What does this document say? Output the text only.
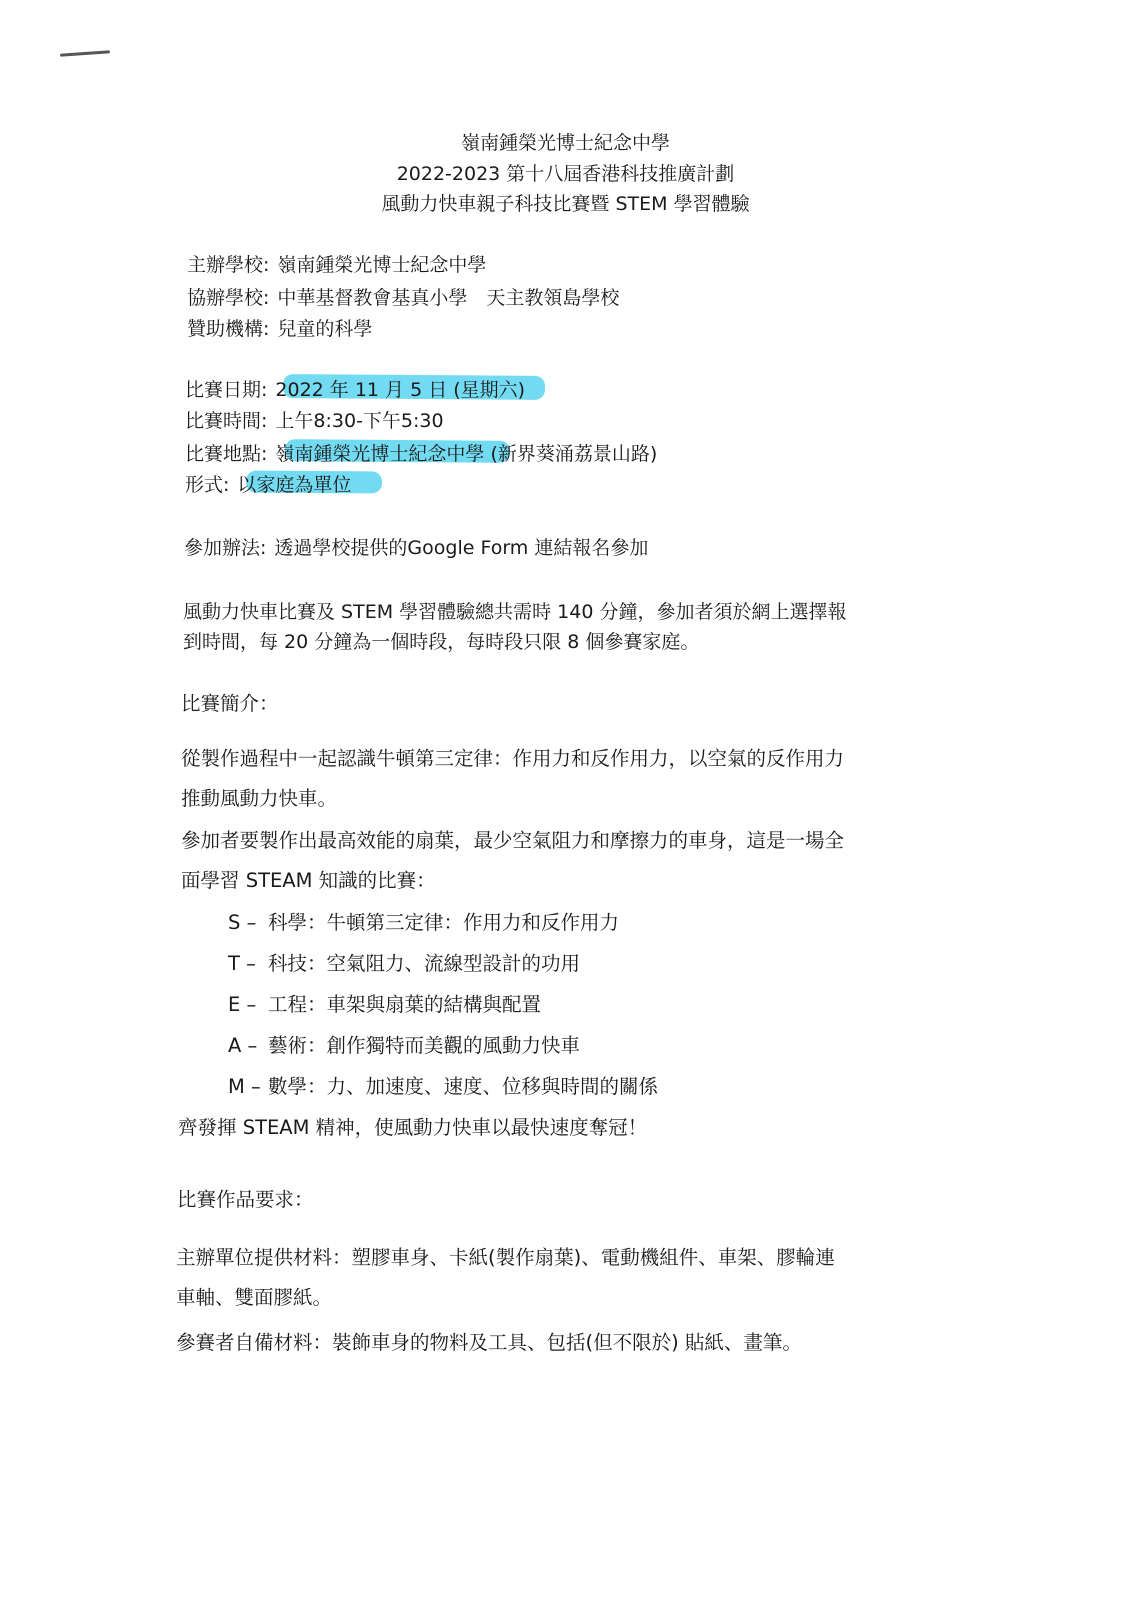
嶺南鍾榮光博士紀念中學
2022-2023 第十八屆香港科技推廣計劃
風動力快車親子科技比賽暨 STEM 學習體驗
主辦學校: 嶺南鍾榮光博士紀念中學
協辦學校: 中華基督教會基真小學　天主教領島學校
贊助機構: 兒童的科學
比賽日期: 2022 年 11 月 5 日 (星期六)
比賽時間: 上午8:30-下午5:30
比賽地點: 嶺南鍾榮光博士紀念中學 (新界葵涌荔景山路)
形式: 以家庭為單位
參加辦法: 透過學校提供的Google Form 連結報名參加
風動力快車比賽及 STEM 學習體驗總共需時 140 分鐘，參加者須於網上選擇報
到時間，每 20 分鐘為一個時段，每時段只限 8 個參賽家庭。
比賽簡介：
從製作過程中一起認識牛頓第三定律：作用力和反作用力，以空氣的反作用力
推動風動力快車。
參加者要製作出最高效能的扇葉，最少空氣阻力和摩擦力的車身，這是一場全
面學習 STEAM 知識的比賽：
S – 科學：牛頓第三定律：作用力和反作用力
T – 科技：空氣阻力、流線型設計的功用
E – 工程：車架與扇葉的結構與配置
A – 藝術：創作獨特而美觀的風動力快車
M – 數學：力、加速度、速度、位移與時間的關係
齊發揮 STEAM 精神，使風動力快車以最快速度奪冠！
比賽作品要求：
主辦單位提供材料：塑膠車身、卡紙(製作扇葉)、電動機組件、車架、膠輪連
車軸、雙面膠紙。
參賽者自備材料：裝飾車身的物料及工具、包括(但不限於) 貼紙、畫筆。
